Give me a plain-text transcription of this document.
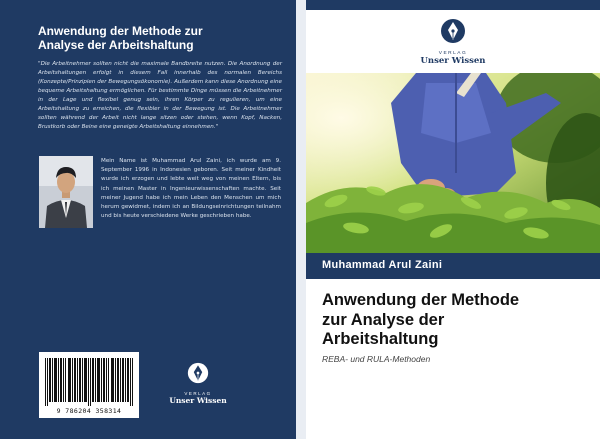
Anwendung der Methode zur
Analyse der Arbeitshaltung
"Die Arbeitnehmer sollten nicht die maximale Bandbreite nutzen. Die Anordnung der Arbeitshaltungen erfolgt in diesem Fall innerhalb des normalen Bereichs (Konzepte/Prinzipien der Bewegungsökonomie). Außerdem kann diese Anordnung eine bequeme Arbeitshaltung ermöglichen. Für bestimmte Dinge müssen die Arbeitnehmer in der Lage und flexibel genug sein, ihren Körper zu regulieren, um eine Arbeitshaltung zu erreichen, die flexibler in der Bewegung ist. Die Arbeitnehmer sollten während der Arbeit nicht lange sitzen oder stehen, wenn Kopf, Nacken, Brustkorb oder Beine eine geneigte Arbeitshaltung einnehmen."
Mein Name ist Muhammad Arul Zaini, ich wurde am 9. September 1996 in Indonesien geboren. Seit meiner Kindheit wurde ich erzogen und lebte weit weg von meinen Eltern, bis ich meinen Master in Ingenieurwissenschaften machte. Seit meiner Jugend habe ich mein Leben den Menschen um mich herum gewidmet, indem ich an Bildungseinrichtungen teilnahm und bis heute verschiedene Werke geschrieben habe.
9 786204 358314
VERLAG
Unser Wissen
VERLAG
Unser Wissen
Muhammad Arul Zaini
Anwendung der Methode
zur Analyse der
Arbeitshaltung
REBA- und RULA-Methoden
